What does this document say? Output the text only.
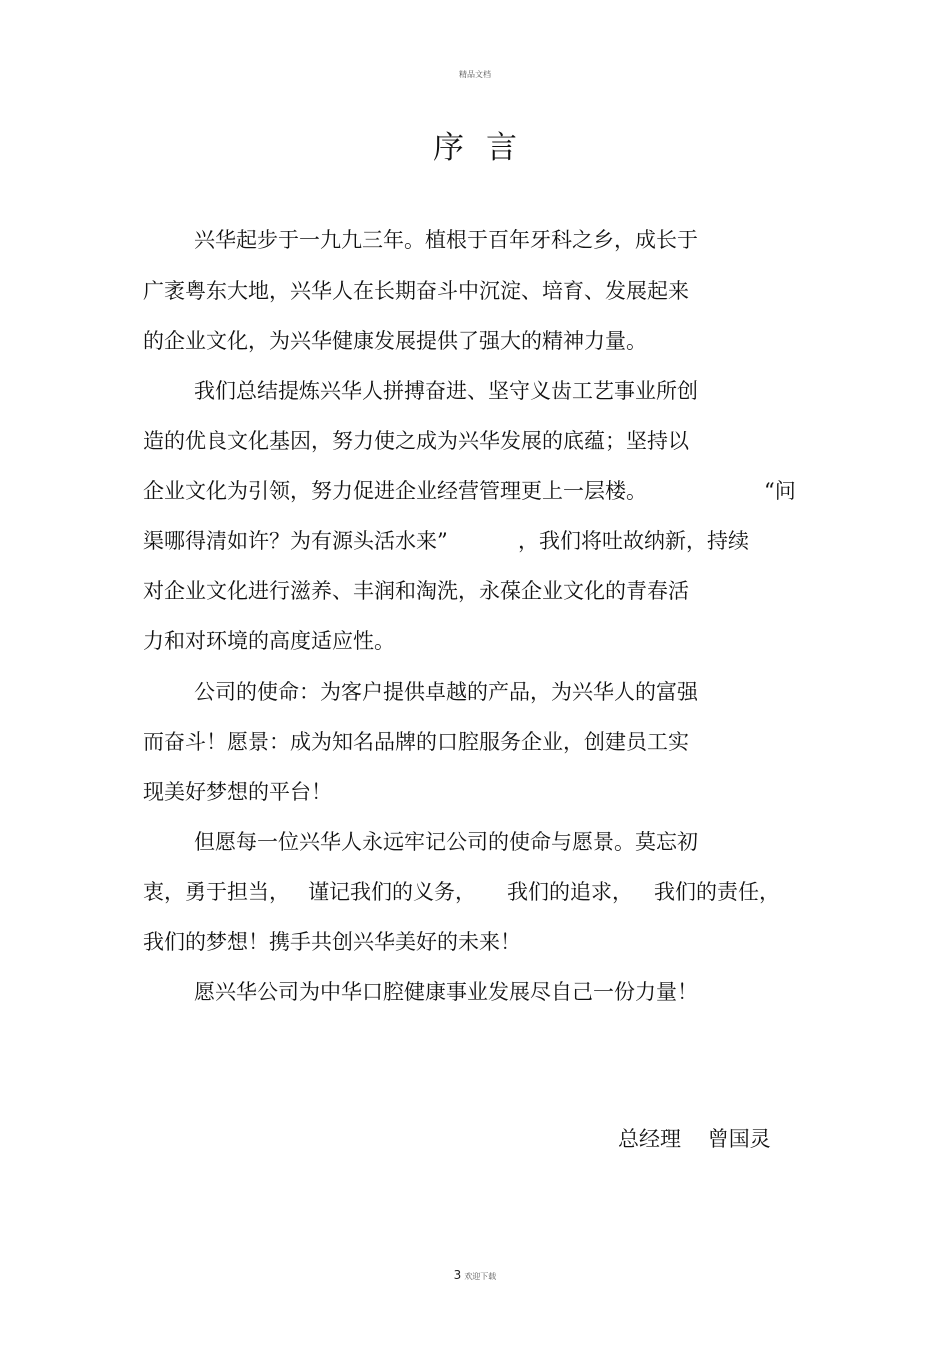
精品文档
序言
兴华起步于一九九三年。植根于百年牙科之乡，成长于
广袤粤东大地，兴华人在长期奋斗中沉淀、培育、发展起来
的企业文化，为兴华健康发展提供了强大的精神力量。
我们总结提炼兴华人拼搏奋进、坚守义齿工艺事业所创
造的优良文化基因，努力使之成为兴华发展的底蕴；坚持以
企业文化为引领，努力促进企业经营管理更上一层楼。	“问
渠哪得清如许？为有源头活水来”	，我们将吐故纳新，持续
对企业文化进行滋养、丰润和淘洗，永葆企业文化的青春活
力和对环境的高度适应性。
公司的使命：为客户提供卓越的产品，为兴华人的富强
而奋斗！愿景：成为知名品牌的口腔服务企业，创建员工实
现美好梦想的平台！
但愿每一位兴华人永远牢记公司的使命与愿景。莫忘初
衷，勇于担当， 谨记我们的义务， 我们的追求， 我们的责任，
我们的梦想！携手共创兴华美好的未来！
愿兴华公司为中华口腔健康事业发展尽自己一份力量！
总经理    曾国灵
3 欢迎下载
